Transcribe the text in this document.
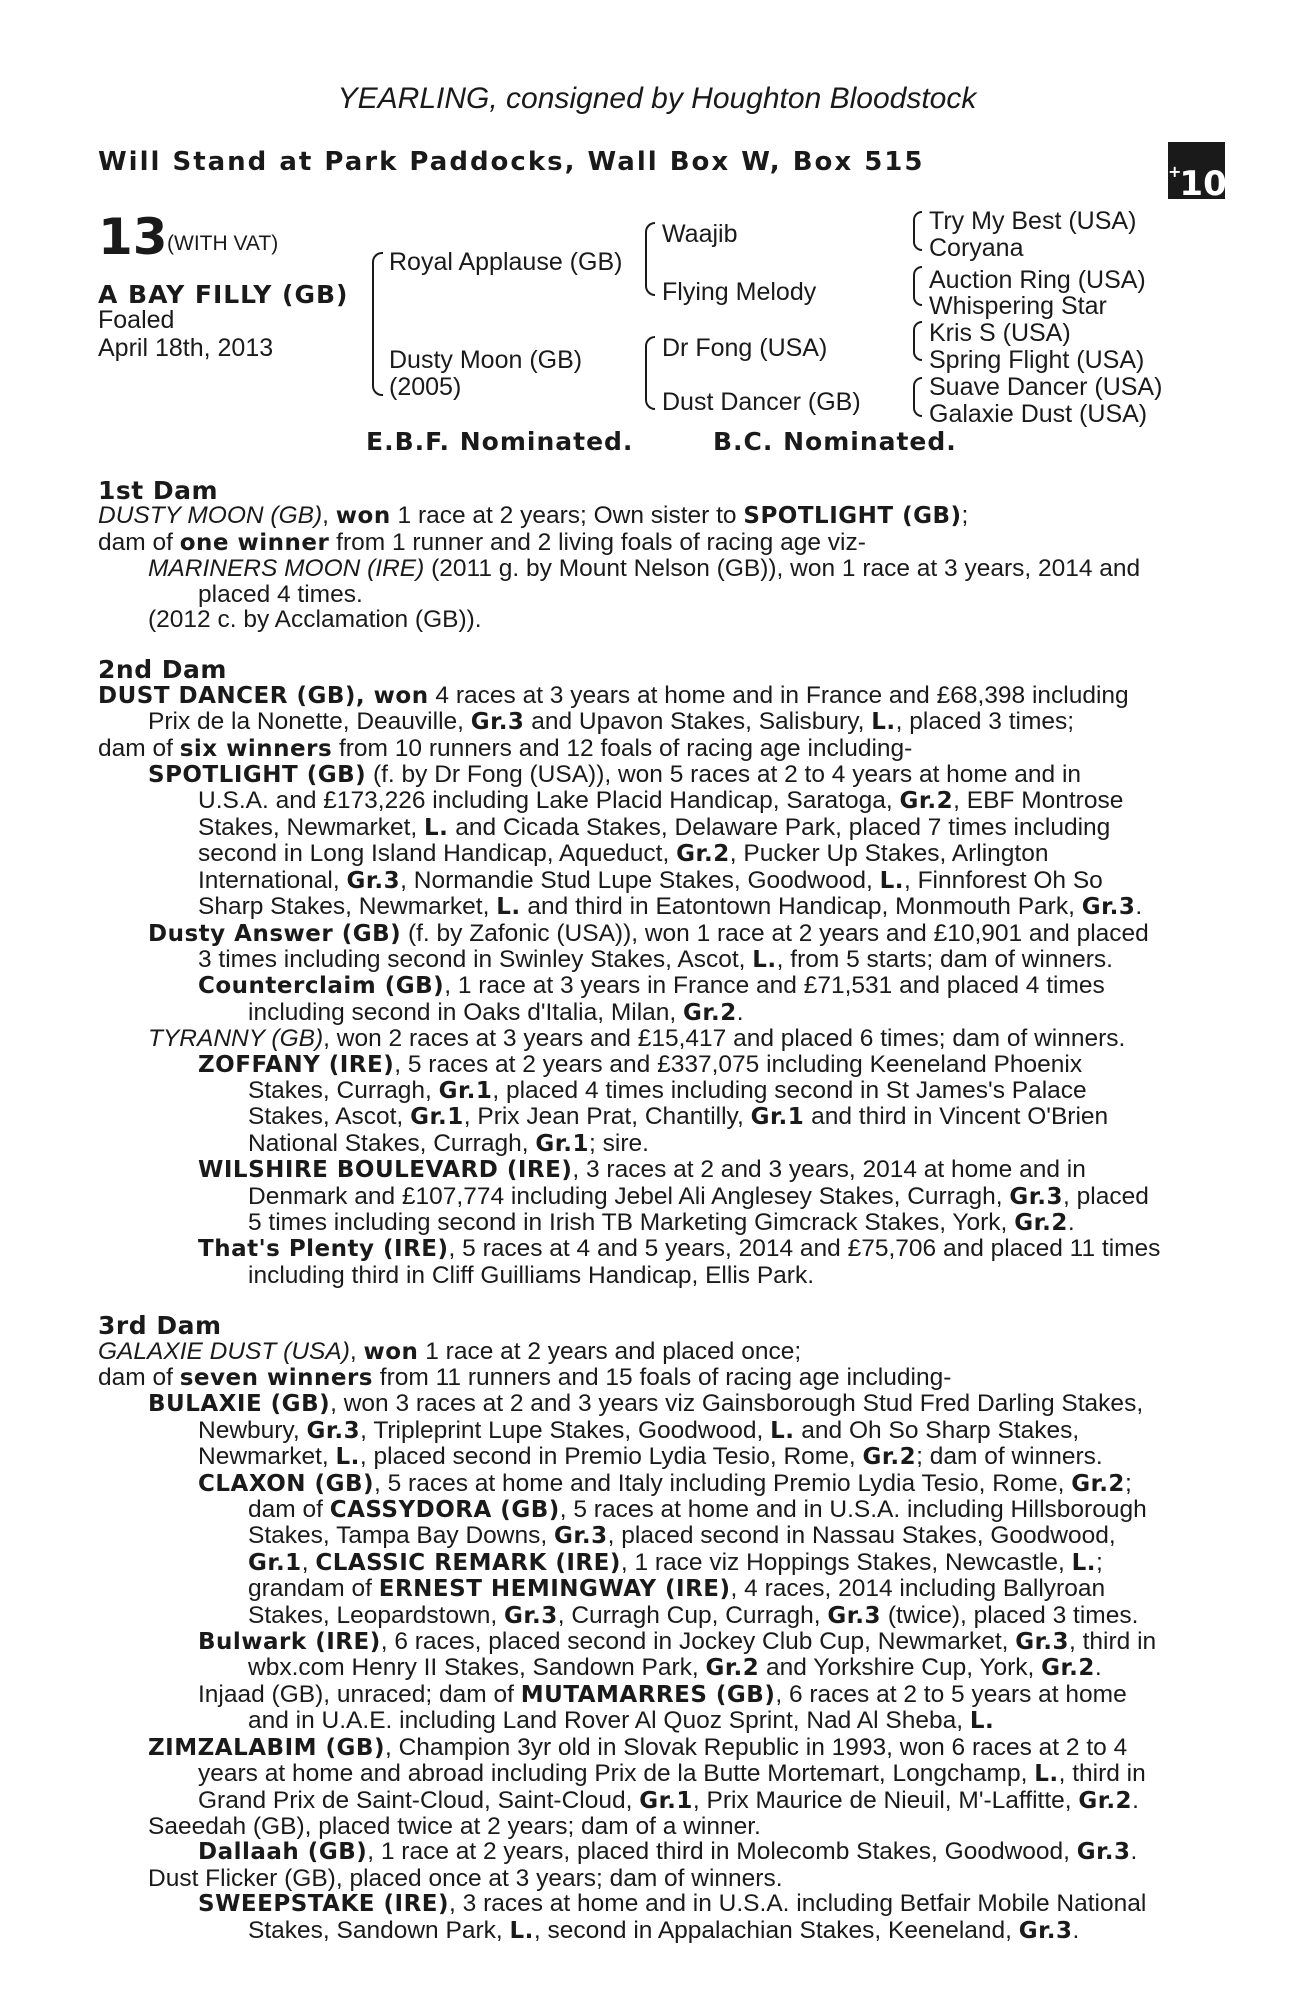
YEARLING, consigned by Houghton Bloodstock
Will Stand at Park Paddocks, Wall Box W, Box 515	+10
13 (WITH VAT)
A BAY FILLY (GB)
Foaled
April 18th, 2013
Royal Applause (GB)
Dusty Moon (GB)
(2005)
Waajib
Flying Melody
Dr Fong (USA)
Dust Dancer (GB)
Try My Best (USA)
Coryana
Auction Ring (USA)
Whispering Star
Kris S (USA)
Spring Flight (USA)
Suave Dancer (USA)
Galaxie Dust (USA)
E.B.F. Nominated.	B.C. Nominated.
1st Dam
DUSTY MOON (GB), won 1 race at 2 years; Own sister to SPOTLIGHT (GB);
dam of one winner from 1 runner and 2 living foals of racing age viz-
MARINERS MOON (IRE) (2011 g. by Mount Nelson (GB)), won 1 race at 3 years, 2014 and
placed 4 times.
(2012 c. by Acclamation (GB)).
2nd Dam
DUST DANCER (GB), won 4 races at 3 years at home and in France and £68,398 including
Prix de la Nonette, Deauville, Gr.3 and Upavon Stakes, Salisbury, L., placed 3 times;
dam of six winners from 10 runners and 12 foals of racing age including-
SPOTLIGHT (GB) (f. by Dr Fong (USA)), won 5 races at 2 to 4 years at home and in
U.S.A. and £173,226 including Lake Placid Handicap, Saratoga, Gr.2, EBF Montrose
Stakes, Newmarket, L. and Cicada Stakes, Delaware Park, placed 7 times including
second in Long Island Handicap, Aqueduct, Gr.2, Pucker Up Stakes, Arlington
International, Gr.3, Normandie Stud Lupe Stakes, Goodwood, L., Finnforest Oh So
Sharp Stakes, Newmarket, L. and third in Eatontown Handicap, Monmouth Park, Gr.3.
Dusty Answer (GB) (f. by Zafonic (USA)), won 1 race at 2 years and £10,901 and placed
3 times including second in Swinley Stakes, Ascot, L., from 5 starts; dam of winners.
Counterclaim (GB), 1 race at 3 years in France and £71,531 and placed 4 times
including second in Oaks d'Italia, Milan, Gr.2.
TYRANNY (GB), won 2 races at 3 years and £15,417 and placed 6 times; dam of winners.
ZOFFANY (IRE), 5 races at 2 years and £337,075 including Keeneland Phoenix
Stakes, Curragh, Gr.1, placed 4 times including second in St James's Palace
Stakes, Ascot, Gr.1, Prix Jean Prat, Chantilly, Gr.1 and third in Vincent O'Brien
National Stakes, Curragh, Gr.1; sire.
WILSHIRE BOULEVARD (IRE), 3 races at 2 and 3 years, 2014 at home and in
Denmark and £107,774 including Jebel Ali Anglesey Stakes, Curragh, Gr.3, placed
5 times including second in Irish TB Marketing Gimcrack Stakes, York, Gr.2.
That's Plenty (IRE), 5 races at 4 and 5 years, 2014 and £75,706 and placed 11 times
including third in Cliff Guilliams Handicap, Ellis Park.
3rd Dam
GALAXIE DUST (USA), won 1 race at 2 years and placed once;
dam of seven winners from 11 runners and 15 foals of racing age including-
BULAXIE (GB), won 3 races at 2 and 3 years viz Gainsborough Stud Fred Darling Stakes,
Newbury, Gr.3, Tripleprint Lupe Stakes, Goodwood, L. and Oh So Sharp Stakes,
Newmarket, L., placed second in Premio Lydia Tesio, Rome, Gr.2; dam of winners.
CLAXON (GB), 5 races at home and Italy including Premio Lydia Tesio, Rome, Gr.2;
dam of CASSYDORA (GB), 5 races at home and in U.S.A. including Hillsborough
Stakes, Tampa Bay Downs, Gr.3, placed second in Nassau Stakes, Goodwood,
Gr.1, CLASSIC REMARK (IRE), 1 race viz Hoppings Stakes, Newcastle, L.;
grandam of ERNEST HEMINGWAY (IRE), 4 races, 2014 including Ballyroan
Stakes, Leopardstown, Gr.3, Curragh Cup, Curragh, Gr.3 (twice), placed 3 times.
Bulwark (IRE), 6 races, placed second in Jockey Club Cup, Newmarket, Gr.3, third in
wbx.com Henry II Stakes, Sandown Park, Gr.2 and Yorkshire Cup, York, Gr.2.
Injaad (GB), unraced; dam of MUTAMARRES (GB), 6 races at 2 to 5 years at home
and in U.A.E. including Land Rover Al Quoz Sprint, Nad Al Sheba, L.
ZIMZALABIM (GB), Champion 3yr old in Slovak Republic in 1993, won 6 races at 2 to 4
years at home and abroad including Prix de la Butte Mortemart, Longchamp, L., third in
Grand Prix de Saint-Cloud, Saint-Cloud, Gr.1, Prix Maurice de Nieuil, M'-Laffitte, Gr.2.
Saeedah (GB), placed twice at 2 years; dam of a winner.
Dallaah (GB), 1 race at 2 years, placed third in Molecomb Stakes, Goodwood, Gr.3.
Dust Flicker (GB), placed once at 3 years; dam of winners.
SWEEPSTAKE (IRE), 3 races at home and in U.S.A. including Betfair Mobile National
Stakes, Sandown Park, L., second in Appalachian Stakes, Keeneland, Gr.3.
